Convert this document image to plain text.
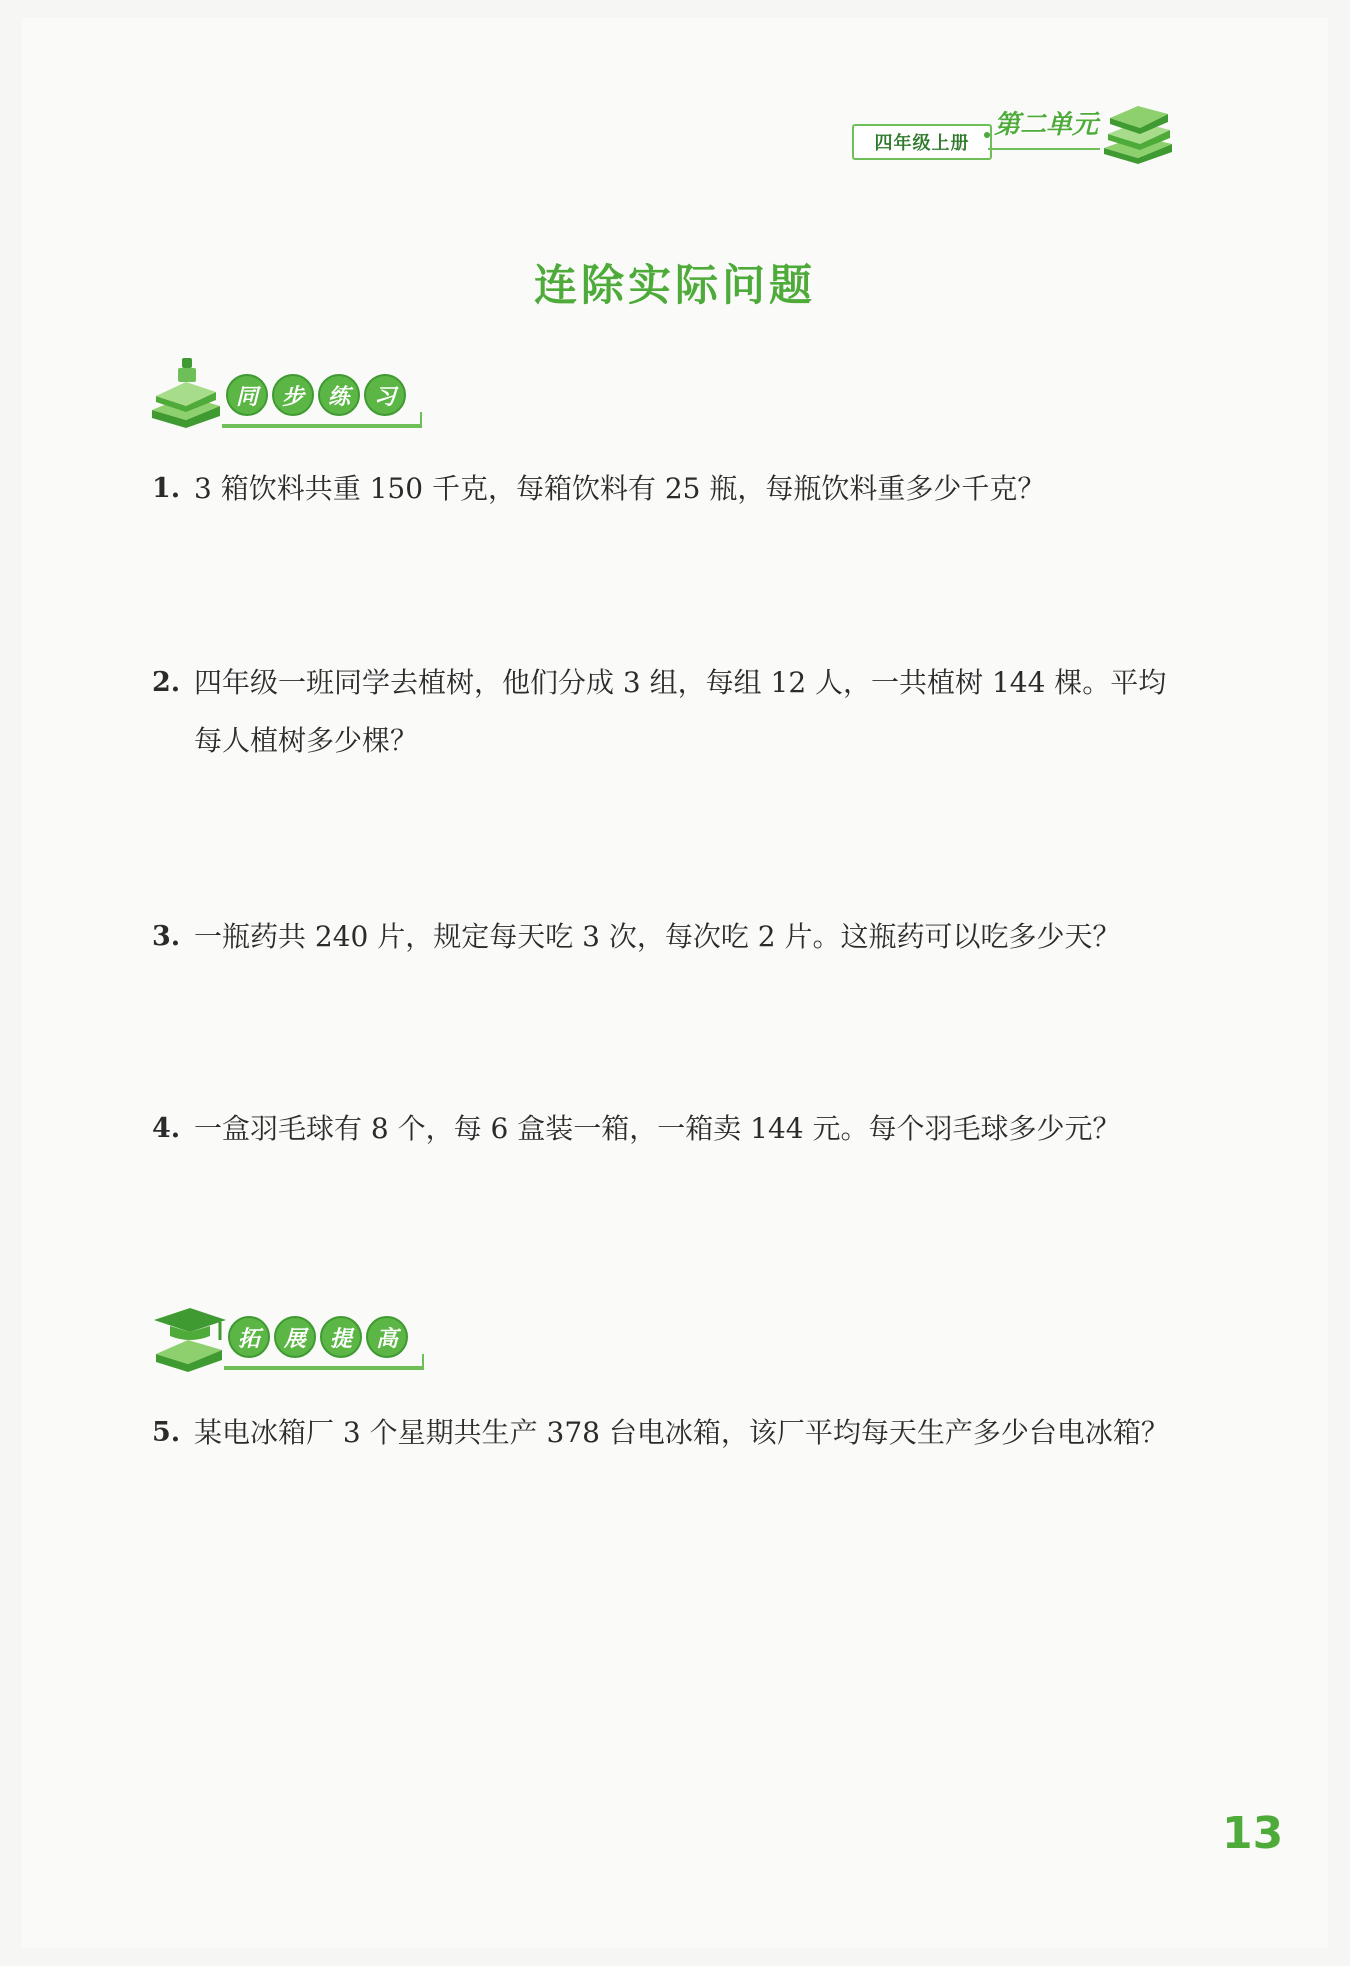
四年级上册
第二单元
连除实际问题
同	步	练	习
1. 3 箱饮料共重 150 千克，每箱饮料有 25 瓶，每瓶饮料重多少千克？
2. 四年级一班同学去植树，他们分成 3 组，每组 12 人，一共植树 144 棵。平均每人植树多少棵？
3. 一瓶药共 240 片，规定每天吃 3 次，每次吃 2 片。这瓶药可以吃多少天？
4. 一盒羽毛球有 8 个，每 6 盒装一箱，一箱卖 144 元。每个羽毛球多少元？
拓	展	提	高
5. 某电冰箱厂 3 个星期共生产 378 台电冰箱，该厂平均每天生产多少台电冰箱？
13
